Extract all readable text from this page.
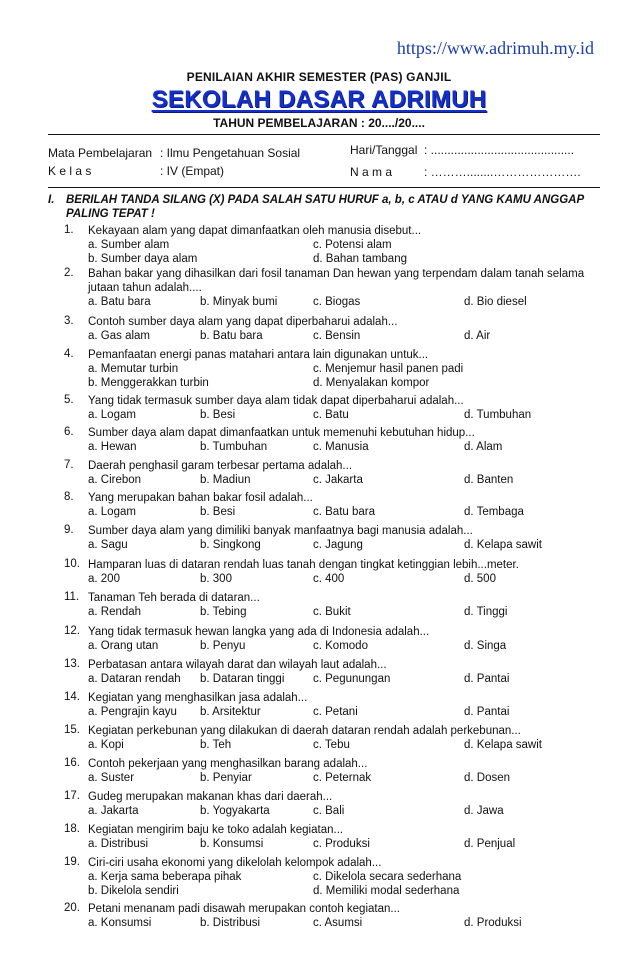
https://www.adrimuh.my.id
PENILAIAN AKHIR SEMESTER (PAS) GANJIL
SEKOLAH DASAR ADRIMUH
TAHUN PEMBELAJARAN : 20..../20....
Mata Pembelajaran : Ilmu Pengetahuan Sosial
K e l a s	: IV (Empat)
Hari/Tanggal : ...........................................
N a m a	: ………........………………….
I. BERILAH TANDA SILANG (X) PADA SALAH SATU HURUF a, b, c ATAU d YANG KAMU ANGGAP PALING TEPAT !
1. Kekayaan alam yang dapat dimanfaatkan oleh manusia disebut...
a. Sumber alam
b. Sumber daya alam
c. Potensi alam
d. Bahan tambang
2. Bahan bakar yang dihasilkan dari fosil tanaman Dan hewan yang terpendam dalam tanah selama jutaan tahun adalah....
a. Batu bara	b. Minyak bumi	c. Biogas	d. Bio diesel
3. Contoh sumber daya alam yang dapat diperbaharui adalah...
a. Gas alam	b. Batu bara	c. Bensin	d. Air
4. Pemanfaatan energi panas matahari antara lain digunakan untuk...
a. Memutar turbin
b. Menggerakkan turbin
c. Menjemur hasil panen padi
d. Menyalakan kompor
5. Yang tidak termasuk sumber daya alam tidak dapat diperbaharui adalah...
a. Logam	b. Besi	c. Batu	d. Tumbuhan
6. Sumber daya alam dapat dimanfaatkan untuk memenuhi kebutuhan hidup...
a. Hewan	b. Tumbuhan	c. Manusia	d. Alam
7. Daerah penghasil garam terbesar pertama adalah...
a. Cirebon	b. Madiun	c. Jakarta	d. Banten
8. Yang merupakan bahan bakar fosil adalah...
a. Logam	b. Besi	c. Batu bara	d. Tembaga
9. Sumber daya alam yang dimiliki banyak manfaatnya bagi manusia adalah...
a. Sagu	b. Singkong	c. Jagung	d. Kelapa sawit
10. Hamparan luas di dataran rendah luas tanah dengan tingkat ketinggian lebih...meter.
a. 200	b. 300	c. 400	d. 500
11. Tanaman Teh berada di dataran...
a. Rendah	b. Tebing	c. Bukit	d. Tinggi
12. Yang tidak termasuk hewan langka yang ada di Indonesia adalah...
a. Orang utan	b. Penyu	c. Komodo	d. Singa
13. Perbatasan antara wilayah darat dan wilayah laut adalah...
a. Dataran rendah b. Dataran tinggi c. Pegunungan	d. Pantai
14. Kegiatan yang menghasilkan jasa adalah...
a. Pengrajin kayu b. Arsitektur	c. Petani	d. Pantai
15. Kegiatan perkebunan yang dilakukan di daerah dataran rendah adalah perkebunan...
a. Kopi	b. Teh	c. Tebu	d. Kelapa sawit
16. Contoh pekerjaan yang menghasilkan barang adalah...
a. Suster	b. Penyiar	c. Peternak	d. Dosen
17. Gudeg merupakan makanan khas dari daerah...
a. Jakarta	b. Yogyakarta	c. Bali	d. Jawa
18. Kegiatan mengirim baju ke toko adalah kegiatan...
a. Distribusi	b. Konsumsi	c. Produksi	d. Penjual
19. Ciri-ciri usaha ekonomi yang dikelolah kelompok adalah...
a. Kerja sama beberapa pihak
b. Dikelola sendiri
c. Dikelola secara sederhana
d. Memiliki modal sederhana
20. Petani menanam padi disawah merupakan contoh kegiatan...
a. Konsumsi	b. Distribusi	c. Asumsi	d. Produksi
